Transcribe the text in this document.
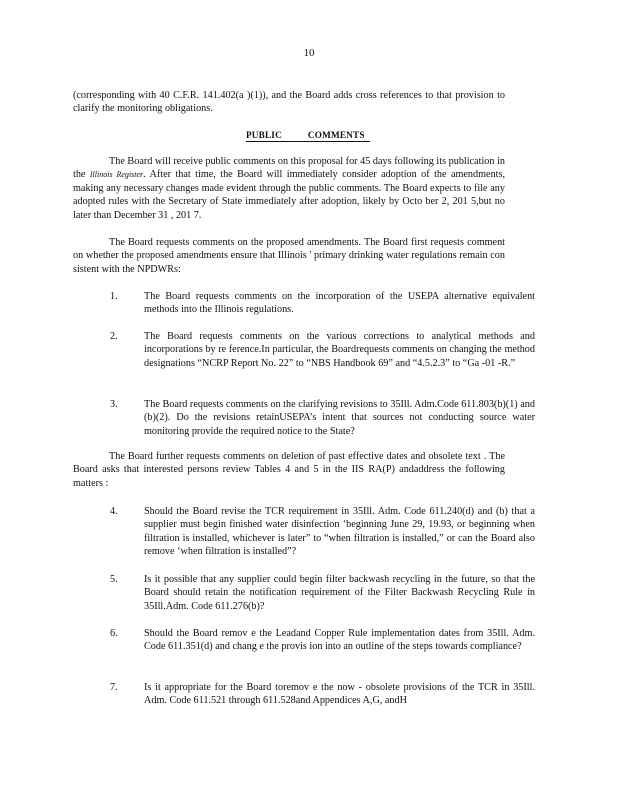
10

(corresponding with 40 C.F.R. 141.402(a )(1)), and the Board adds cross references to that provision to clarify the monitoring obligations.

PUBLIC	COMMENTS

The Board will receive public comments on this proposal for 45 days following its publication in the Illinois Register. After that time, the Board will immediately consider adoption of the amendments, making any necessary changes made evident through the public comments. The Board expects to file any adopted rules with the Secretary of State immediately after adoption, likely by Octo ber 2, 201 5,but no later than December 31 , 201 7.

The Board requests comments on the proposed amendments. The Board first requests comment on whether the proposed amendments ensure that Illinois ' primary drinking water regulations remain con sistent with the NPDWRs:

1.	The Board requests comments on the incorporation of the USEPA alternative equivalent methods into the Illinois regulations.

2.	The Board requests comments on the various corrections to analytical methods and incorporations by re ference.In particular, the Boardrequests comments on changing the method designations “NCRP Report No. 22” to “NBS Handbook 69” and “4.5.2.3” to “Ga -01 -R.”

3.	The Board requests comments on the clarifying revisions to 35Ill. Adm.Code 611.803(b)(1) and (b)(2). Do the revisions retainUSEPA’s intent that sources not conducting source water monitoring provide the required notice to the State?

The Board further requests comments on deletion of past effective dates and obsolete text . The Board asks that interested persons review Tables 4 and 5 in the IIS RA(P) andaddress the following matters :

4.	Should the Board revise the TCR requirement in 35Ill. Adm. Code 611.240(d) and (b) that a supplier must begin finished water disinfection ‘beginning June 29, 19.93, or beginning when filtration is installed, whichever is later” to “when filtration is installed,” or can the Board also remove ‘when filtration is installed”?

5.	Is it possible that any supplier could begin filter backwash recycling in the future, so that the Board should retain the notification requirement of the Filter Backwash Recycling Rule in 35Ill.Adm. Code 611.276(b)?

6.	Should the Board remov e the Leadand Copper Rule implementation dates from 35Ill. Adm. Code 611.351(d) and chang e the provis ion into an outline of the steps towards compliance?

7.	Is it appropriate for the Board toremov e the now - obsolete provisions of the TCR in 35Ill. Adm. Code 611.521 through 611.528and Appendices A,G, andH
